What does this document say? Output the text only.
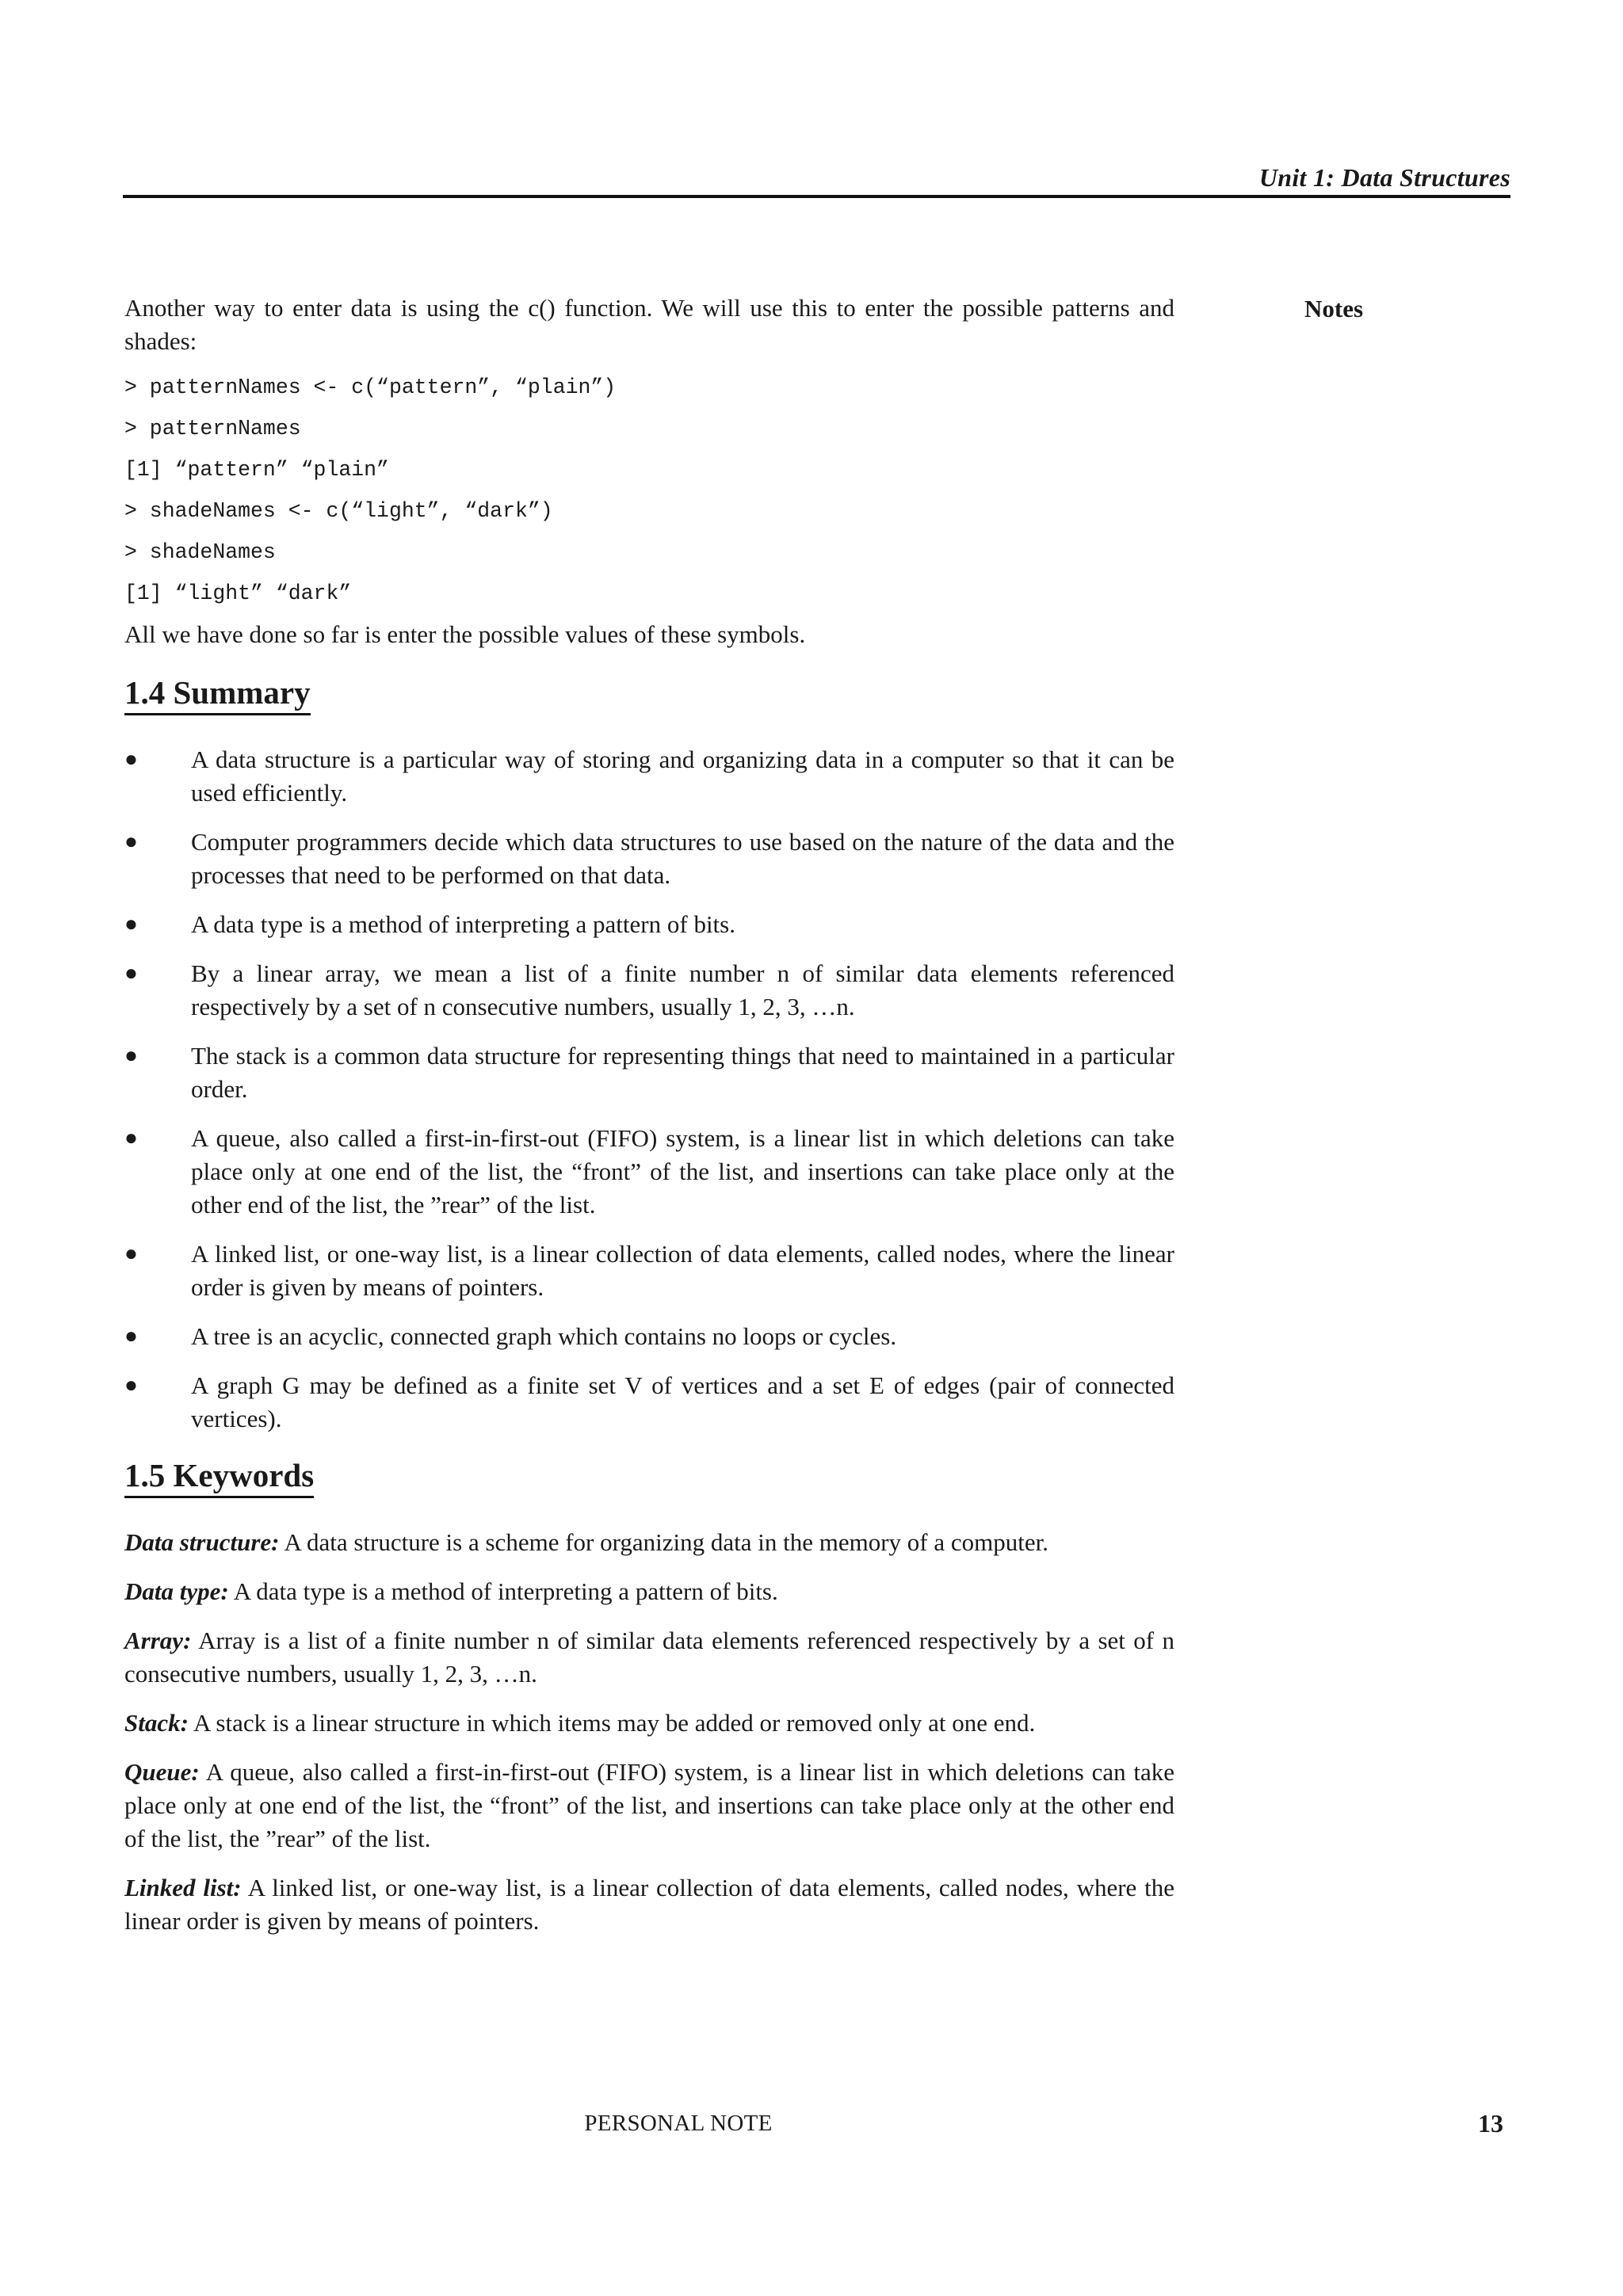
Unit 1: Data Structures
Notes

Another way to enter data is using the c() function. We will use this to enter the possible patterns and shades:

> patternNames <- c(“pattern”, “plain”)

> patternNames

[1] “pattern” “plain”

> shadeNames <- c(“light”, “dark”)

> shadeNames

[1] “light” “dark”

All we have done so far is enter the possible values of these symbols.

1.4 Summary
● A data structure is a particular way of storing and organizing data in a computer so that it can be used efficiently.
● Computer programmers decide which data structures to use based on the nature of the data and the processes that need to be performed on that data.
● A data type is a method of interpreting a pattern of bits.
● By a linear array, we mean a list of a finite number n of similar data elements referenced respectively by a set of n consecutive numbers, usually 1, 2, 3, …n.
● The stack is a common data structure for representing things that need to maintained in a particular order.
● A queue, also called a first-in-first-out (FIFO) system, is a linear list in which deletions can take place only at one end of the list, the “front” of the list, and insertions can take place only at the other end of the list, the ”rear” of the list.
● A linked list, or one-way list, is a linear collection of data elements, called nodes, where the linear order is given by means of pointers.
● A tree is an acyclic, connected graph which contains no loops or cycles.
● A graph G may be defined as a finite set V of vertices and a set E of edges (pair of connected vertices).
1.5 Keywords

Data structure: A data structure is a scheme for organizing data in the memory of a computer.

Data type: A data type is a method of interpreting a pattern of bits.

Array: Array is a list of a finite number n of similar data elements referenced respectively by a set of n consecutive numbers, usually 1, 2, 3, …n.

Stack: A stack is a linear structure in which items may be added or removed only at one end.

Queue: A queue, also called a first-in-first-out (FIFO) system, is a linear list in which deletions can take place only at one end of the list, the “front” of the list, and insertions can take place only at the other end of the list, the ”rear” of the list.

Linked list: A linked list, or one-way list, is a linear collection of data elements, called nodes, where the linear order is given by means of pointers.

PERSONAL NOTE	13
